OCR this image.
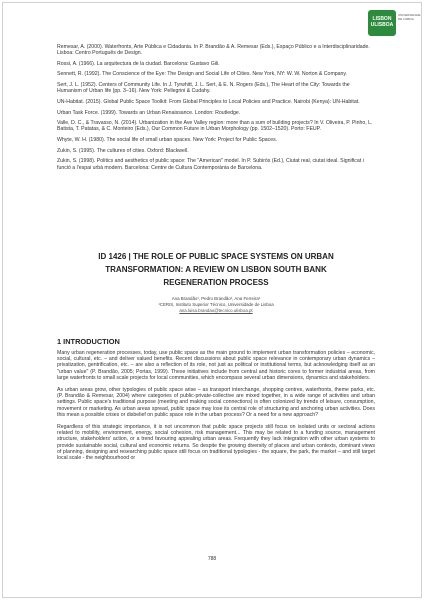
LISBON
ULISBOA
UNIVERSIDADE DE LISBOA

Remesar, A. (2000). Waterfronts, Arte Pública e Cidadania. In P. Brandão & A. Remesar (Eds.), Espaço Público e a Interdisciplinaridade. Lisboa: Centro Português de Design.

Rossi, A. (1966). La arquitectura de la ciudad. Barcelona: Gustavo Gili.

Sennett, R. (1992). The Conscience of the Eye: The Design and Social Life of Cities. New York, NY: W. W. Norton & Company.

Sert, J. L. (1952). Centers of Community Life. In J. Tyrwhitt, J. L. Sert, & E. N. Rogers (Eds.), The Heart of the City: Towards the Humanism of Urban life (pp. 3–16). New York: Pellegrini & Cudahy.

UN-Habitat. (2015). Global Public Space Toolkit: From Global Principles to Local Policies and Practice. Nairobi (Kenya): UN-Habitat.

Urban Task Force. (1999). Towards an Urban Renaissance. London: Routledge.

Valle, D. C., & Travasso, N. (2014). Urbanization in the Ave Valley region: more than a sum of building projects? In V. Oliveira, P. Pinho, L. Batista, T. Patatas, & C. Monteiro (Eds.), Our Common Future in Urban Morphology (pp. 1502–1520). Porto: FEUP.

Whyte, W. H. (1980). The social life of small urban spaces. New York: Project for Public Spaces.

Zukin, S. (1995). The cultures of cities. Oxford: Blackwell.

Zukin, S. (1998). Politics and aesthetics of public space: The "American" model. In P. Subirós (Ed.), Ciutat real, ciutat ideal. Significat i funció a l'espai urbà modern. Barcelona: Centre de Cultura Contemporània de Barcelona.

ID 1426 | THE ROLE OF PUBLIC SPACE SYSTEMS ON URBAN
TRANSFORMATION: A REVIEW ON LISBON SOUTH BANK
REGENERATION PROCESS
Ana Brandão¹, Pedro Brandão¹, Ana Ferreira¹
¹CERIS, Instituto Superior Técnico, Universidade de Lisboa
ana.luisa.brandao@tecnico.ulisboa.pt
1 INTRODUCTION

Many urban regeneration processes, today, use public space as the main ground to implement urban transformation policies – economic, social, cultural, etc. – and deliver valued benefits. Recent discussions about public space relevance in contemporary urban dynamics – privatization, gentrification, etc. – are also a reflection of its role, not just as political or institutional terms, but acknowledging itself as an "urban value" (P. Brandão, 2005; Portas, 1999). These initiatives include from central and historic cores to former industrial areas, from large waterfronts to small scale projects for local communities, which encompass several urban dimensions, dynamics and stakeholders.

As urban areas grow, other typologies of public space arise – as transport interchange, shopping centres, waterfronts, theme parks, etc. (P. Brandão & Remesar, 2004) where categories of public-private-collective are mixed together, in a wide range of activities and urban settings. Public space's traditional purpose (meeting and making social connections) is often colonized by trends of leisure, consumption, movement or marketing. As urban areas spread, public space may lose its central role of structuring and anchoring urban activities. Does this mean a possible crises or disbelief on public space role in the urban process? Or a need for a new approach?

Regardless of this strategic importance, it is not uncommon that public space projects still focus on isolated units or sectoral actions related to mobility, environment, energy, social cohesion, risk management... This may be related to a funding source, management structure, stakeholders' action, or a trend favouring appealing urban areas. Frequently they lack integration with other urban systems to provide sustainable social, cultural and economic returns. So despite the growing diversity of places and urban contexts, dominant views of planning, designing and researching public space still focus on traditional typologies - the square, the park, the market – and still target local scale - the neighbourhood or

788
